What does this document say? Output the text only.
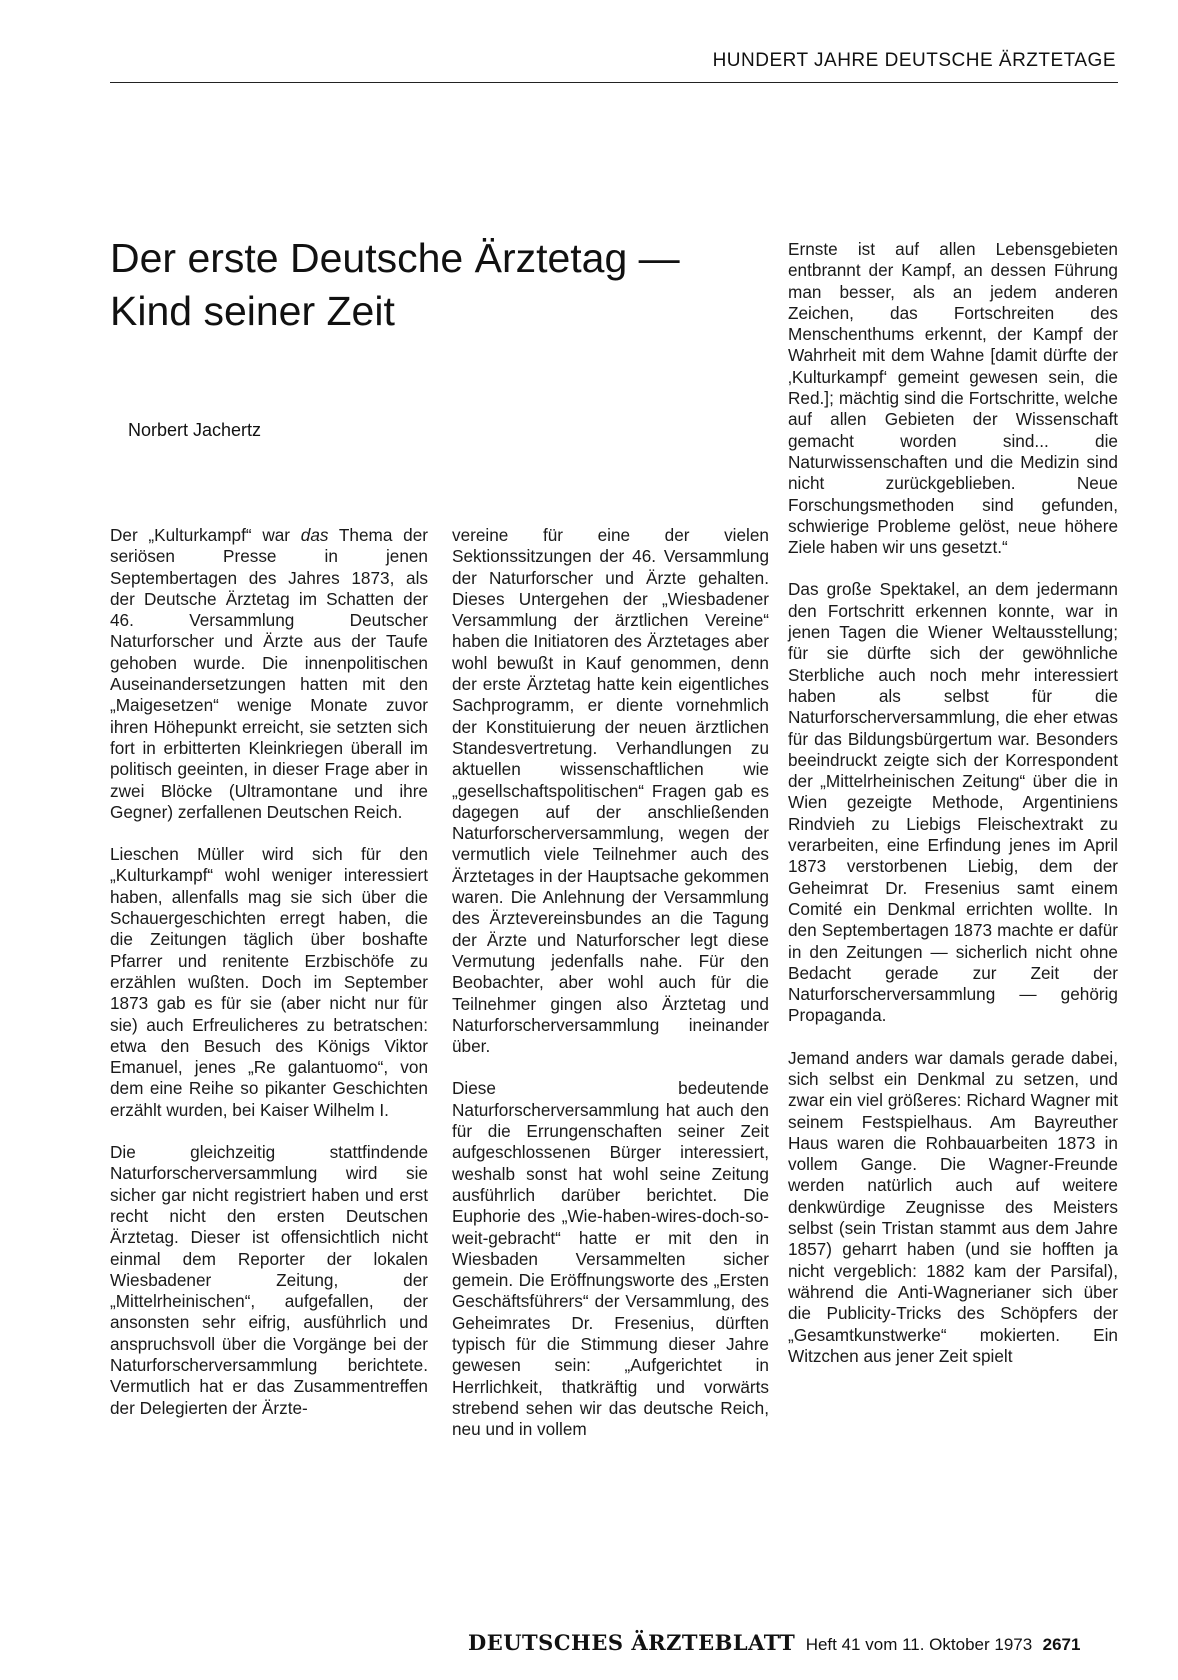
HUNDERT JAHRE DEUTSCHE ÄRZTETAGE
Der erste Deutsche Ärztetag —
Kind seiner Zeit
Norbert Jachertz

Der „Kulturkampf“ war das Thema der seriösen Presse in jenen Septembertagen des Jahres 1873, als der Deutsche Ärztetag im Schatten der 46. Versammlung Deutscher Naturforscher und Ärzte aus der Taufe gehoben wurde. Die innenpolitischen Auseinandersetzungen hatten mit den „Maigesetzen“ wenige Monate zuvor ihren Höhepunkt erreicht, sie setzten sich fort in erbitterten Kleinkriegen überall im politisch geeinten, in dieser Frage aber in zwei Blöcke (Ultramontane und ihre Gegner) zerfallenen Deutschen Reich.

Lieschen Müller wird sich für den „Kulturkampf“ wohl weniger interessiert haben, allenfalls mag sie sich über die Schauergeschichten erregt haben, die die Zeitungen täglich über boshafte Pfarrer und renitente Erzbischöfe zu erzählen wußten. Doch im September 1873 gab es für sie (aber nicht nur für sie) auch Erfreulicheres zu betratschen: etwa den Besuch des Königs Viktor Emanuel, jenes „Re galantuomo“, von dem eine Reihe so pikanter Geschichten erzählt wurden, bei Kaiser Wilhelm I.

Die gleichzeitig stattfindende Naturforscherversammlung wird sie sicher gar nicht registriert haben und erst recht nicht den ersten Deutschen Ärztetag. Dieser ist offensichtlich nicht einmal dem Reporter der lokalen Wiesbadener Zeitung, der „Mittelrheinischen“, aufgefallen, der ansonsten sehr eifrig, ausführlich und anspruchsvoll über die Vorgänge bei der Naturforscherversammlung berichtete. Vermutlich hat er das Zusammentreffen der Delegierten der Ärzte-

vereine für eine der vielen Sektionssitzungen der 46. Versammlung der Naturforscher und Ärzte gehalten. Dieses Untergehen der „Wiesbadener Versammlung der ärztlichen Vereine“ haben die Initiatoren des Ärztetages aber wohl bewußt in Kauf genommen, denn der erste Ärztetag hatte kein eigentliches Sachprogramm, er diente vornehmlich der Konstituierung der neuen ärztlichen Standesvertretung. Verhandlungen zu aktuellen wissenschaftlichen wie „gesellschaftspolitischen“ Fragen gab es dagegen auf der anschließenden Naturforscherversammlung, wegen der vermutlich viele Teilnehmer auch des Ärztetages in der Hauptsache gekommen waren. Die Anlehnung der Versammlung des Ärztevereinsbundes an die Tagung der Ärzte und Naturforscher legt diese Vermutung jedenfalls nahe. Für den Beobachter, aber wohl auch für die Teilnehmer gingen also Ärztetag und Naturforscherversammlung ineinander über.

Diese bedeutende Naturforscherversammlung hat auch den für die Errungenschaften seiner Zeit aufgeschlossenen Bürger interessiert, weshalb sonst hat wohl seine Zeitung ausführlich darüber berichtet. Die Euphorie des „Wie-haben-wires-doch-so-weit-gebracht“ hatte er mit den in Wiesbaden Versammelten sicher gemein. Die Eröffnungsworte des „Ersten Geschäftsführers“ der Versammlung, des Geheimrates Dr. Fresenius, dürften typisch für die Stimmung dieser Jahre gewesen sein: „Aufgerichtet in Herrlichkeit, thatkräftig und vorwärts strebend sehen wir das deutsche Reich, neu und in vollem

Ernste ist auf allen Lebensgebieten entbrannt der Kampf, an dessen Führung man besser, als an jedem anderen Zeichen, das Fortschreiten des Menschenthums erkennt, der Kampf der Wahrheit mit dem Wahne [damit dürfte der ‚Kulturkampf‘ gemeint gewesen sein, die Red.]; mächtig sind die Fortschritte, welche auf allen Gebieten der Wissenschaft gemacht worden sind... die Naturwissenschaften und die Medizin sind nicht zurückgeblieben. Neue Forschungsmethoden sind gefunden, schwierige Probleme gelöst, neue höhere Ziele haben wir uns gesetzt.“

Das große Spektakel, an dem jedermann den Fortschritt erkennen konnte, war in jenen Tagen die Wiener Weltausstellung; für sie dürfte sich der gewöhnliche Sterbliche auch noch mehr interessiert haben als selbst für die Naturforscherversammlung, die eher etwas für das Bildungsbürgertum war. Besonders beeindruckt zeigte sich der Korrespondent der „Mittelrheinischen Zeitung“ über die in Wien gezeigte Methode, Argentiniens Rindvieh zu Liebigs Fleischextrakt zu verarbeiten, eine Erfindung jenes im April 1873 verstorbenen Liebig, dem der Geheimrat Dr. Fresenius samt einem Comité ein Denkmal errichten wollte. In den Septembertagen 1873 machte er dafür in den Zeitungen — sicherlich nicht ohne Bedacht gerade zur Zeit der Naturforscherversammlung — gehörig Propaganda.

Jemand anders war damals gerade dabei, sich selbst ein Denkmal zu setzen, und zwar ein viel größeres: Richard Wagner mit seinem Festspielhaus. Am Bayreuther Haus waren die Rohbauarbeiten 1873 in vollem Gange. Die Wagner-Freunde werden natürlich auch auf weitere denkwürdige Zeugnisse des Meisters selbst (sein Tristan stammt aus dem Jahre 1857) geharrt haben (und sie hofften ja nicht vergeblich: 1882 kam der Parsifal), während die Anti-Wagnerianer sich über die Publicity-Tricks des Schöpfers der „Gesamtkunstwerke“ mokierten. Ein Witzchen aus jener Zeit spielt

DEUTSCHES ÄRZTEBLATT Heft 41 vom 11. Oktober 1973 2671
